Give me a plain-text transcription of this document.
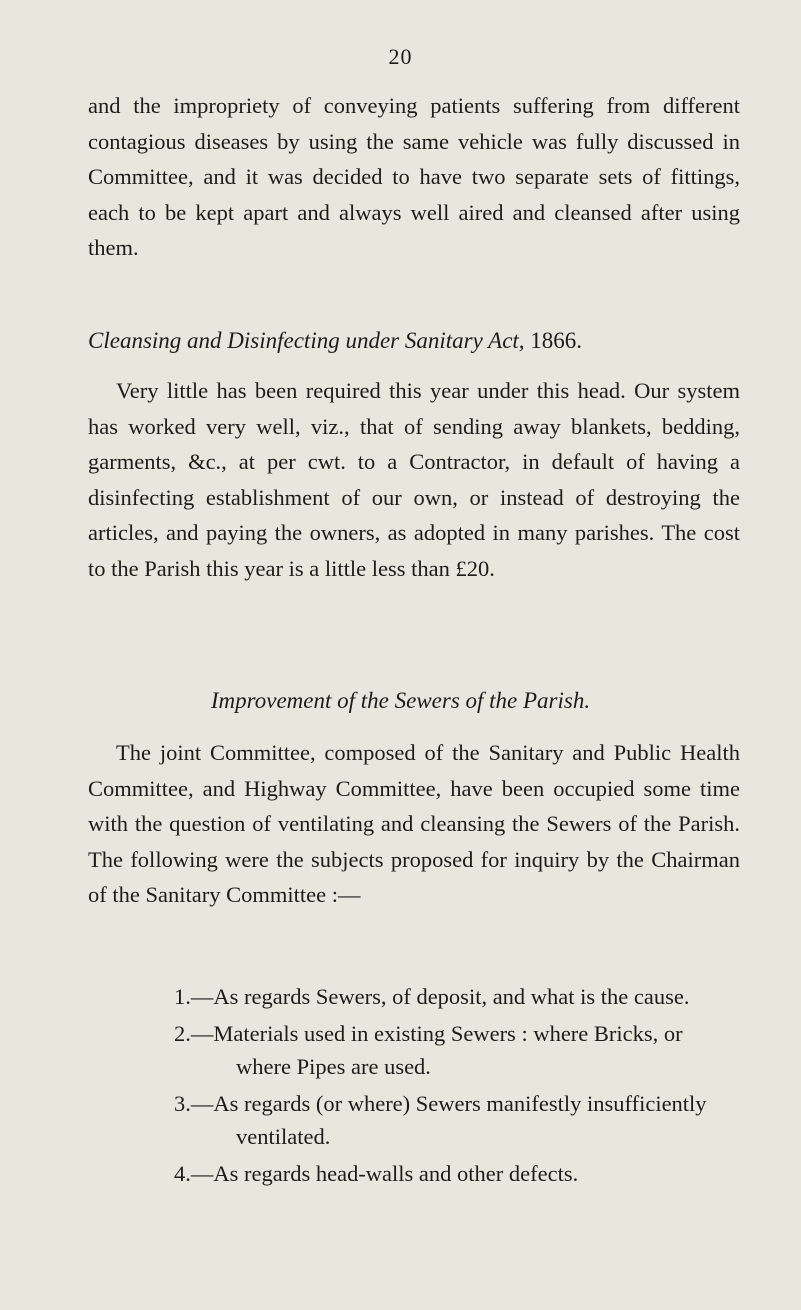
20

and the impropriety of conveying patients suffering from different contagious diseases by using the same vehicle was fully discussed in Committee, and it was decided to have two separate sets of fittings, each to be kept apart and always well aired and cleansed after using them.

Cleansing and Disinfecting under Sanitary Act, 1866.

Very little has been required this year under this head. Our system has worked very well, viz., that of sending away blankets, bedding, garments, &c., at per cwt. to a Contractor, in default of having a disinfecting establishment of our own, or instead of destroying the articles, and paying the owners, as adopted in many parishes. The cost to the Parish this year is a little less than £20.

Improvement of the Sewers of the Parish.

The joint Committee, composed of the Sanitary and Public Health Committee, and Highway Committee, have been occupied some time with the question of ventilating and cleansing the Sewers of the Parish. The following were the subjects proposed for inquiry by the Chairman of the Sanitary Committee :—

1.—As regards Sewers, of deposit, and what is the cause.
2.—Materials used in existing Sewers : where Bricks, or where Pipes are used.
3.—As regards (or where) Sewers manifestly insufficiently ventilated.
4.—As regards head-walls and other defects.
